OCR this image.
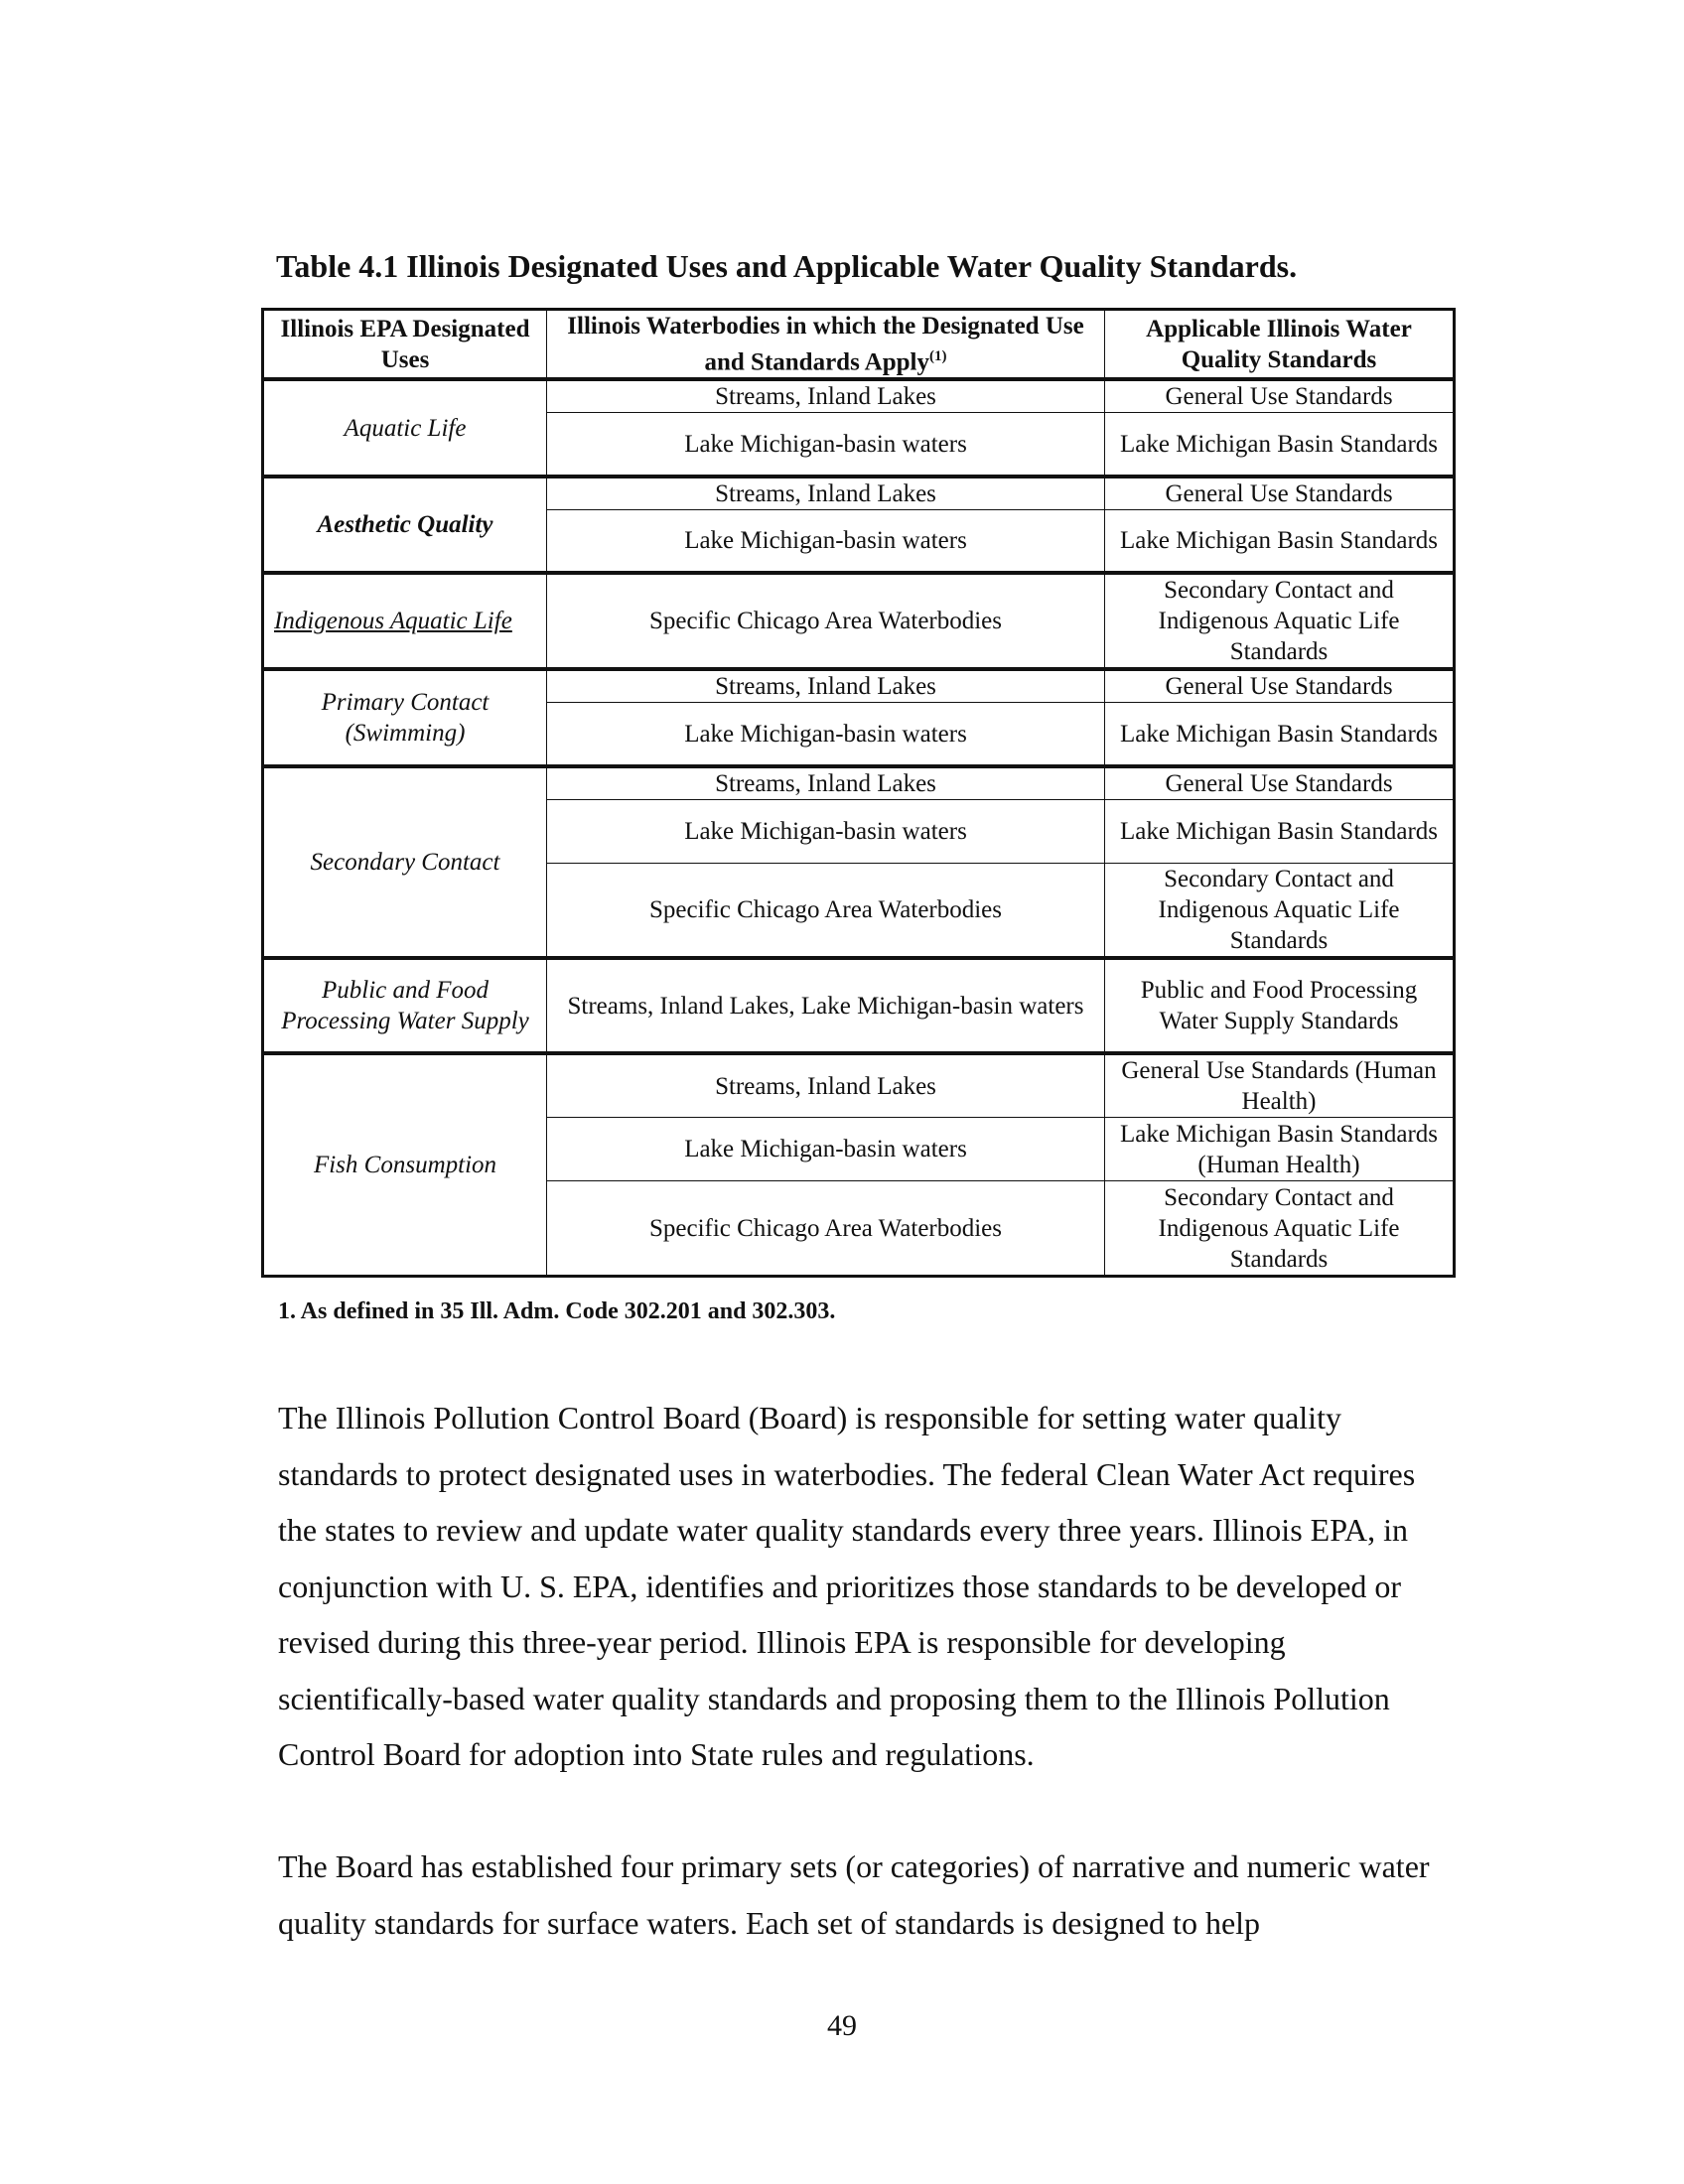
Table 4.1 Illinois Designated Uses and Applicable Water Quality Standards.
Illinois EPA Designated Uses	Illinois Waterbodies in which the Designated Use and Standards Apply$^{(1)}$	Applicable Illinois Water Quality Standards
Aquatic Life	Streams, Inland Lakes	General Use Standards
	Lake Michigan-basin waters	Lake Michigan Basin Standards
Aesthetic Quality	Streams, Inland Lakes	General Use Standards
	Lake Michigan-basin waters	Lake Michigan Basin Standards
Indigenous Aquatic Life	Specific Chicago Area Waterbodies	Secondary Contact and Indigenous Aquatic Life Standards
Primary Contact (Swimming)	Streams, Inland Lakes	General Use Standards
	Lake Michigan-basin waters	Lake Michigan Basin Standards
Secondary Contact	Streams, Inland Lakes	General Use Standards
	Lake Michigan-basin waters	Lake Michigan Basin Standards
	Specific Chicago Area Waterbodies	Secondary Contact and Indigenous Aquatic Life Standards
Public and Food Processing Water Supply	Streams, Inland Lakes, Lake Michigan-basin waters	Public and Food Processing Water Supply Standards
Fish Consumption	Streams, Inland Lakes	General Use Standards (Human Health)
	Lake Michigan-basin waters	Lake Michigan Basin Standards (Human Health)
	Specific Chicago Area Waterbodies	Secondary Contact and Indigenous Aquatic Life Standards
1. As defined in 35 Ill. Adm. Code 302.201 and 302.303.

The Illinois Pollution Control Board (Board) is responsible for setting water quality standards to protect designated uses in waterbodies. The federal Clean Water Act requires the states to review and update water quality standards every three years. Illinois EPA, in conjunction with U. S. EPA, identifies and prioritizes those standards to be developed or revised during this three-year period. Illinois EPA is responsible for developing scientifically-based water quality standards and proposing them to the Illinois Pollution Control Board for adoption into State rules and regulations.

The Board has established four primary sets (or categories) of narrative and numeric water quality standards for surface waters. Each set of standards is designed to help

49
